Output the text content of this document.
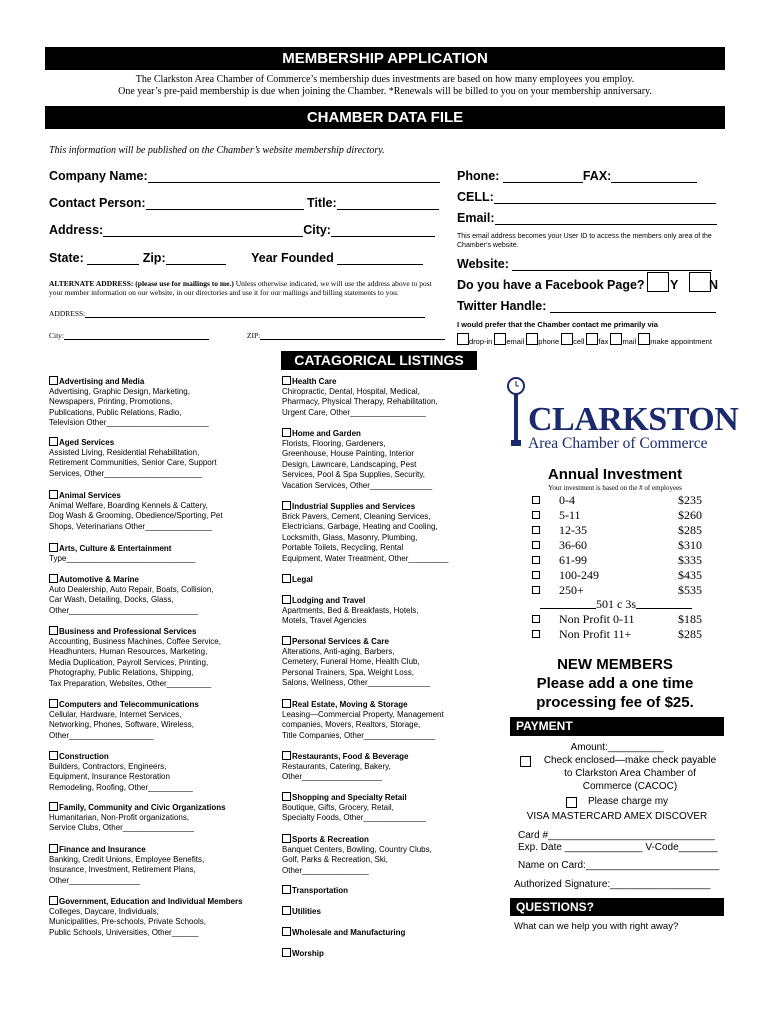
MEMBERSHIP APPLICATION
The Clarkston Area Chamber of Commerce’s membership dues investments are based on how many employees you employ.
One year’s pre-paid membership is due when joining the Chamber. *Renewals will be billed to you on your membership anniversary.
CHAMBER DATA FILE
This information will be published on the Chamber’s website membership directory.
Company Name:
Contact Person:	Title:
Address:	City:
State:	Zip:	Year Founded
ALTERNATE ADDRESS: (please use for mailings to me.) Unless otherwise indicated, we will use the address above to post your member information on our website, in our directories and use it for our mailings and billing statements to you.
ADDRESS:
City:	ZIP:
Phone:	FAX:
CELL:
Email:
This email address becomes your User ID to access the members only area of the Chamber’s website.
Website:
Do you have a Facebook Page? Y N
Twitter Handle:
I would prefer that the Chamber contact me primarily via
drop-in email phone cell fax mail make appointment
CATAGORICAL LISTINGS
Advertising and Media
Advertising, Graphic Design, Marketing,
Newspapers, Printing, Promotions,
Publications, Public Relations, Radio,
Television Other_______________________
Aged Services
Assisted Living, Residential Rehabilitation,
Retirement Communities, Senior Care, Support
Services, Other______________________
Animal Services
Animal Welfare, Boarding Kennels & Cattery,
Dog Wash & Grooming, Obedience/Sporting, Pet
Shops, Veterinarians Other_______________
Arts, Culture & Entertainment
Type_____________________________
Automotive & Marine
Auto Dealership, Auto Repair, Boats, Collision,
Car Wash, Detailing, Docks, Glass,
Other_____________________________
Business and Professional Services
Accounting, Business Machines, Coffee Service,
Headhunters, Human Resources, Marketing,
Media Duplication, Payroll Services, Printing,
Photography, Public Relations, Shipping,
Tax Preparation, Websites, Other__________
Computers and Telecommunications
Cellular, Hardware, Internet Services,
Networking, Phones, Software, Wireless,
Other___________________
Construction
Builders, Contractors, Engineers,
Equipment, Insurance Restoration
Remodeling, Roofing, Other__________
Family, Community and Civic Organizations
Humanitarian, Non-Profit organizations,
Service Clubs, Other________________
Finance and Insurance
Banking, Credit Unions, Employee Benefits,
Insurance, Investment, Retirement Plans,
Other________________
Government, Education and Individual Members
Colleges, Daycare, Individuals,
Municipalities, Pre-schools, Private Schools,
Public Schools, Universities, Other______
Health Care
Chiropractic, Dental, Hospital, Medical,
Pharmacy, Physical Therapy, Rehabilitation,
Urgent Care, Other_________________
Home and Garden
Florists, Flooring, Gardeners,
Greenhouse, House Painting, Interior
Design, Lawncare, Landscaping, Pest
Services, Pool & Spa Supplies, Security,
Vacation Services, Other______________
Industrial Supplies and Services
Brick Pavers, Cement, Cleaning Services,
Electricians, Garbage, Heating and Cooling,
Locksmith, Glass, Masonry, Plumbing,
Portable Toilets, Recycling, Rental
Equipment, Water Treatment, Other_________
Legal
Lodging and Travel
Apartments, Bed & Breakfasts, Hotels,
Motels, Travel Agencies
Personal Services & Care
Alterations, Anti-aging, Barbers,
Cemetery, Funeral Home, Health Club,
Personal Trainers, Spa, Weight Loss,
Salons, Wellness, Other______________
Real Estate, Moving & Storage
Leasing—Commercial Property, Management
companies, Movers, Realtors, Storage,
Title Companies, Other________________
Restaurants, Food & Beverage
Restaurants, Catering, Bakery,
Other__________________
Shopping and Specialty Retail
Boutique, Gifts, Grocery, Retail,
Specialty Foods, Other______________
Sports & Recreation
Banquet Centers, Bowling, Country Clubs,
Golf, Parks & Recreation, Ski,
Other_______________
Transportation
Utilities
Wholesale and Manufacturing
Worship
CLARKSTON
Area Chamber of Commerce
Annual Investment
Your investment is based on the # of employees
0-4	$235
5-11	$260
12-35	$285
36-60	$310
61-99	$335
100-249	$435
250+	$535
501 c 3s
Non Profit 0-11	$185
Non Profit 11+	$285
NEW MEMBERS
Please add a one time
processing fee of $25.
PAYMENT
Amount:__________
Check enclosed—make check payable
to Clarkston Area Chamber of
Commerce (CACOC)
Please charge my
VISA MASTERCARD AMEX DISCOVER
Card #______________________________
Exp. Date ______________ V-Code_______
Name on Card:________________________
Authorized Signature:__________________
QUESTIONS?
What can we help you with right away?
